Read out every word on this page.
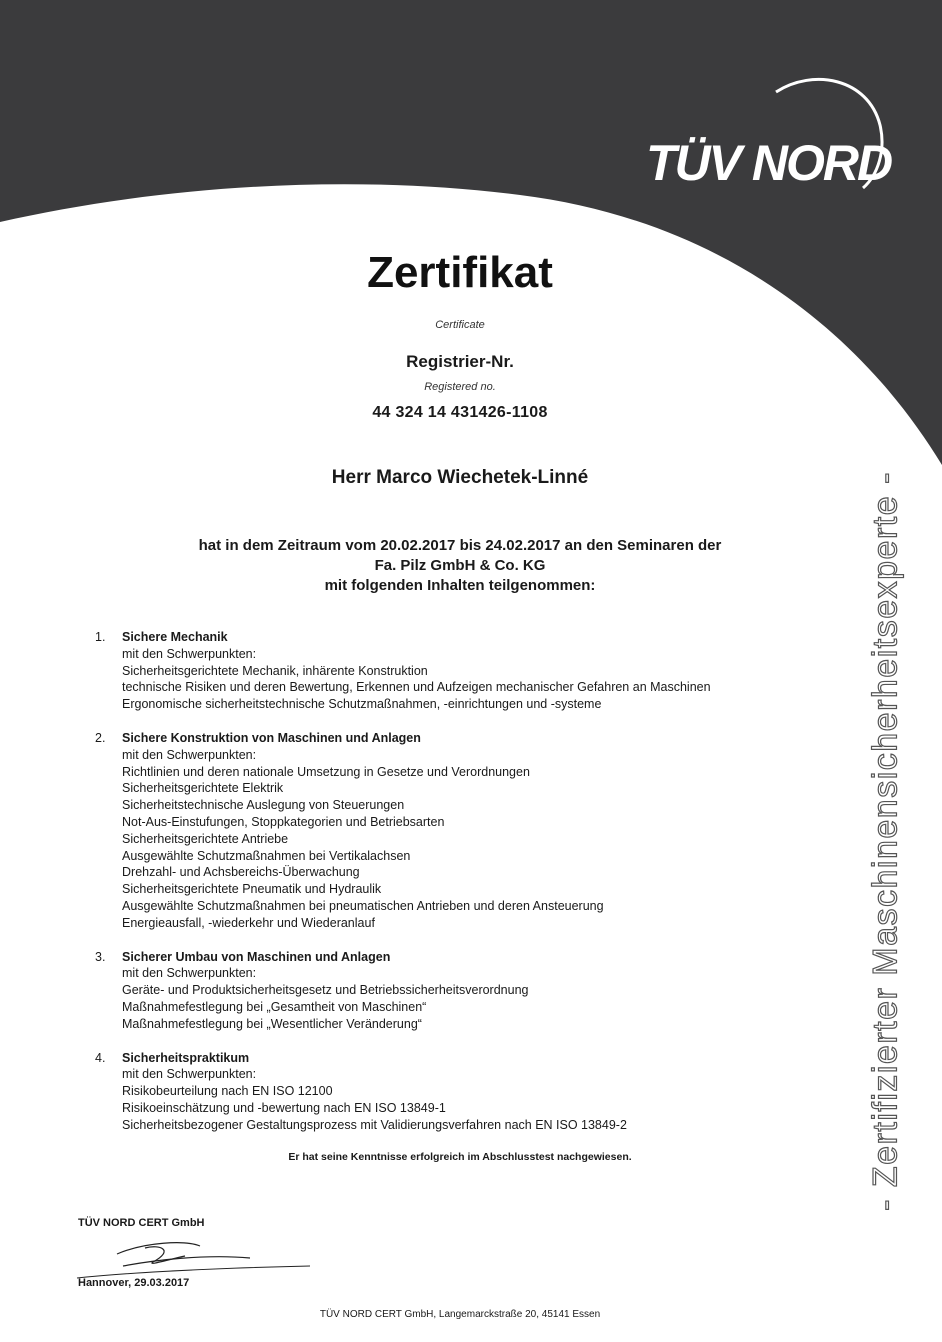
TÜV NORD
Zertifikat
Certificate
Registrier-Nr.
Registered no.
44 324 14 431426-1108
Herr Marco Wiechetek-Linné
hat in dem Zeitraum vom 20.02.2017 bis 24.02.2017 an den Seminaren der
Fa. Pilz GmbH & Co. KG
mit folgenden Inhalten teilgenommen:
1.	Sichere Mechanik
mit den Schwerpunkten:
Sicherheitsgerichtete Mechanik, inhärente Konstruktion
technische Risiken und deren Bewertung, Erkennen und Aufzeigen mechanischer Gefahren an Maschinen
Ergonomische sicherheitstechnische Schutzmaßnahmen, -einrichtungen und -systeme
2.	Sichere Konstruktion von Maschinen und Anlagen
mit den Schwerpunkten:
Richtlinien und deren nationale Umsetzung in Gesetze und Verordnungen
Sicherheitsgerichtete Elektrik
Sicherheitstechnische Auslegung von Steuerungen
Not-Aus-Einstufungen, Stoppkategorien und Betriebsarten
Sicherheitsgerichtete Antriebe
Ausgewählte Schutzmaßnahmen bei Vertikalachsen
Drehzahl- und Achsbereichs-Überwachung
Sicherheitsgerichtete Pneumatik und Hydraulik
Ausgewählte Schutzmaßnahmen bei pneumatischen Antrieben und deren Ansteuerung
Energieausfall, -wiederkehr und Wiederanlauf
3.	Sicherer Umbau von Maschinen und Anlagen
mit den Schwerpunkten:
Geräte- und Produktsicherheitsgesetz und Betriebssicherheitsverordnung
Maßnahmefestlegung bei „Gesamtheit von Maschinen“
Maßnahmefestlegung bei „Wesentlicher Veränderung“
4.	Sicherheitspraktikum
mit den Schwerpunkten:
Risikobeurteilung nach EN ISO 12100
Risikoeinschätzung und -bewertung nach EN ISO 13849-1
Sicherheitsbezogener Gestaltungsprozess mit Validierungsverfahren nach EN ISO 13849-2
Er hat seine Kenntnisse erfolgreich im Abschlusstest nachgewiesen.
TÜV NORD CERT GmbH
Hannover, 29.03.2017
TÜV NORD CERT GmbH, Langemarckstraße 20, 45141 Essen
- Zertifizierter Maschinensicherheitsexperte -
